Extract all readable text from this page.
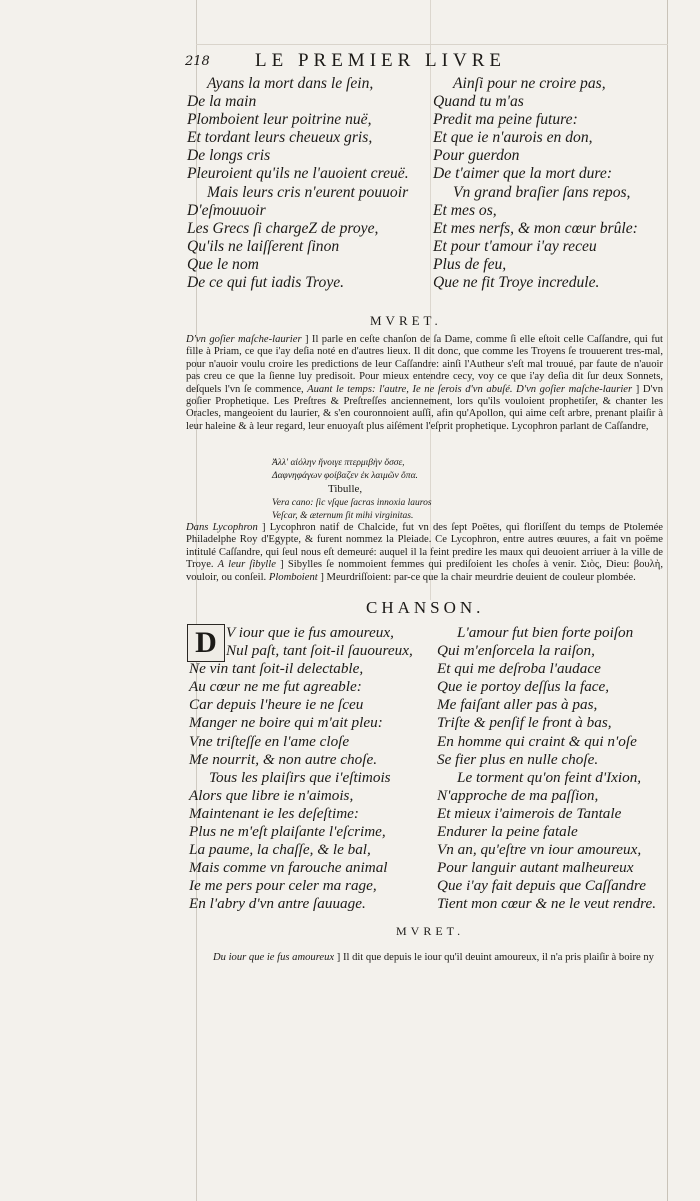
218 LE PREMIER LIVRE
Ayans la mort dans le ſein,
De la main
Plomboient leur poitrine nuë,
Et tordant leurs cheueux gris,
De longs cris
Pleuroient qu'ils ne l'auoient creuë.
Mais leurs cris n'eurent pouuoir
D'eſmouuoir
Les Grecs ſi chargeZ de proye,
Qu'ils ne laiſſerent ſinon
Que le nom
De ce qui fut iadis Troye.
Ainſi pour ne croire pas,
Quand tu m'as
Predit ma peine future:
Et que ie n'aurois en don,
Pour guerdon
De t'aimer que la mort dure:
Vn grand braſier ſans repos,
Et mes os,
Et mes nerfs, & mon cœur brûle:
Et pour t'amour i'ay receu
Plus de feu,
Que ne fit Troye incredule.
MVRET.

D'vn goſier maſche-laurier ] Il parle en ceſte chanſon de ſa Dame, comme ſi elle eſtoit celle Caſſandre, qui fut fille à Priam, ce que i'ay deſia noté en d'autres lieux. Il dit donc, que comme les Troyens ſe trouuerent tres-mal, pour n'auoir voulu croire les predictions de leur Caſſandre: ainſi l'Autheur s'eſt mal trouué, par faute de n'auoir pas creu ce que la ſienne luy predisoit. Pour mieux entendre cecy, voy ce que i'ay deſia dit ſur deux Sonnets, deſquels l'vn ſe commence, Auant le temps: l'autre, Ie ne ſerois d'vn abuſé. D'vn goſier maſche-laurier ] D'vn goſier Prophetique. Les Preſtres & Preſtreſſes anciennement, lors qu'ils vouloient prophetiſer, & chanter les Oracles, mangeoient du laurier, & s'en couronnoient auſſi, afin qu'Apollon, qui aime ceſt arbre, prenant plaiſir à leur haleine & à leur regard, leur enuoyaſt plus aiſément l'eſprit prophetique. Lycophron parlant de Caſſandre,

Ἀλλ' αἰόλην ἤνοιγε πτερμιβὴν ὄσσε,
Δαφνηφάγων φοίβαζεν ἐκ λαιμῶν ὄπα.
Tibulle,
Vera cano: ſic vſque ſacras innoxia lauros
Veſcar, & æternum ſit mihi virginitas.

Dans Lycophron ] Lycophron natif de Chalcide, fut vn des ſept Poëtes, qui floriſſent du temps de Ptolemée Philadelphe Roy d'Egypte, & furent nommez la Pleiade. Ce Lycophron, entre autres œuures, a fait vn poëme intitulé Caſſandre, qui ſeul nous eſt demeuré: auquel il la feint predire les maux qui deuoient arriuer à la ville de Troye. A leur ſibylle ] Sibylles ſe nommoient femmes qui prediſoient les choſes à venir. Σιὸς, Dieu: βουλὴ, vouloir, ou conſeil. Plomboient ] Meurdriſſoient: par-ce que la chair meurdrie deuient de couleur plombée.

CHANSON.
D V iour que ie fus amoureux,
Nul paſt, tant ſoit-il ſauoureux,
Ne vin tant ſoit-il delectable,
Au cœur ne me fut agreable:
Car depuis l'heure ie ne ſceu
Manger ne boire qui m'ait pleu:
Vne triſteſſe en l'ame cloſe
Me nourrit, & non autre choſe.
Tous les plaiſirs que i'eſtimois
Alors que libre ie n'aimois,
Maintenant ie les deſeſtime:
Plus ne m'eſt plaiſante l'eſcrime,
La paume, la chaſſe, & le bal,
Mais comme vn farouche animal
Ie me pers pour celer ma rage,
En l'abry d'vn antre ſauuage.
L'amour fut bien forte poiſon
Qui m'enſorcela la raiſon,
Et qui me deſroba l'audace
Que ie portoy deſſus la face,
Me faiſant aller pas à pas,
Triſte & penſif le front à bas,
En homme qui craint & qui n'oſe
Se fier plus en nulle choſe.
Le torment qu'on feint d'Ixion,
N'approche de ma paſſion,
Et mieux i'aimerois de Tantale
Endurer la peine fatale
Vn an, qu'eſtre vn iour amoureux,
Pour languir autant malheureux
Que i'ay fait depuis que Caſſandre
Tient mon cœur & ne le veut rendre.
MVRET.
Du iour que ie fus amoureux ] Il dit que depuis le iour qu'il deuint amoureux, il n'a pris plaiſir à boire ny
